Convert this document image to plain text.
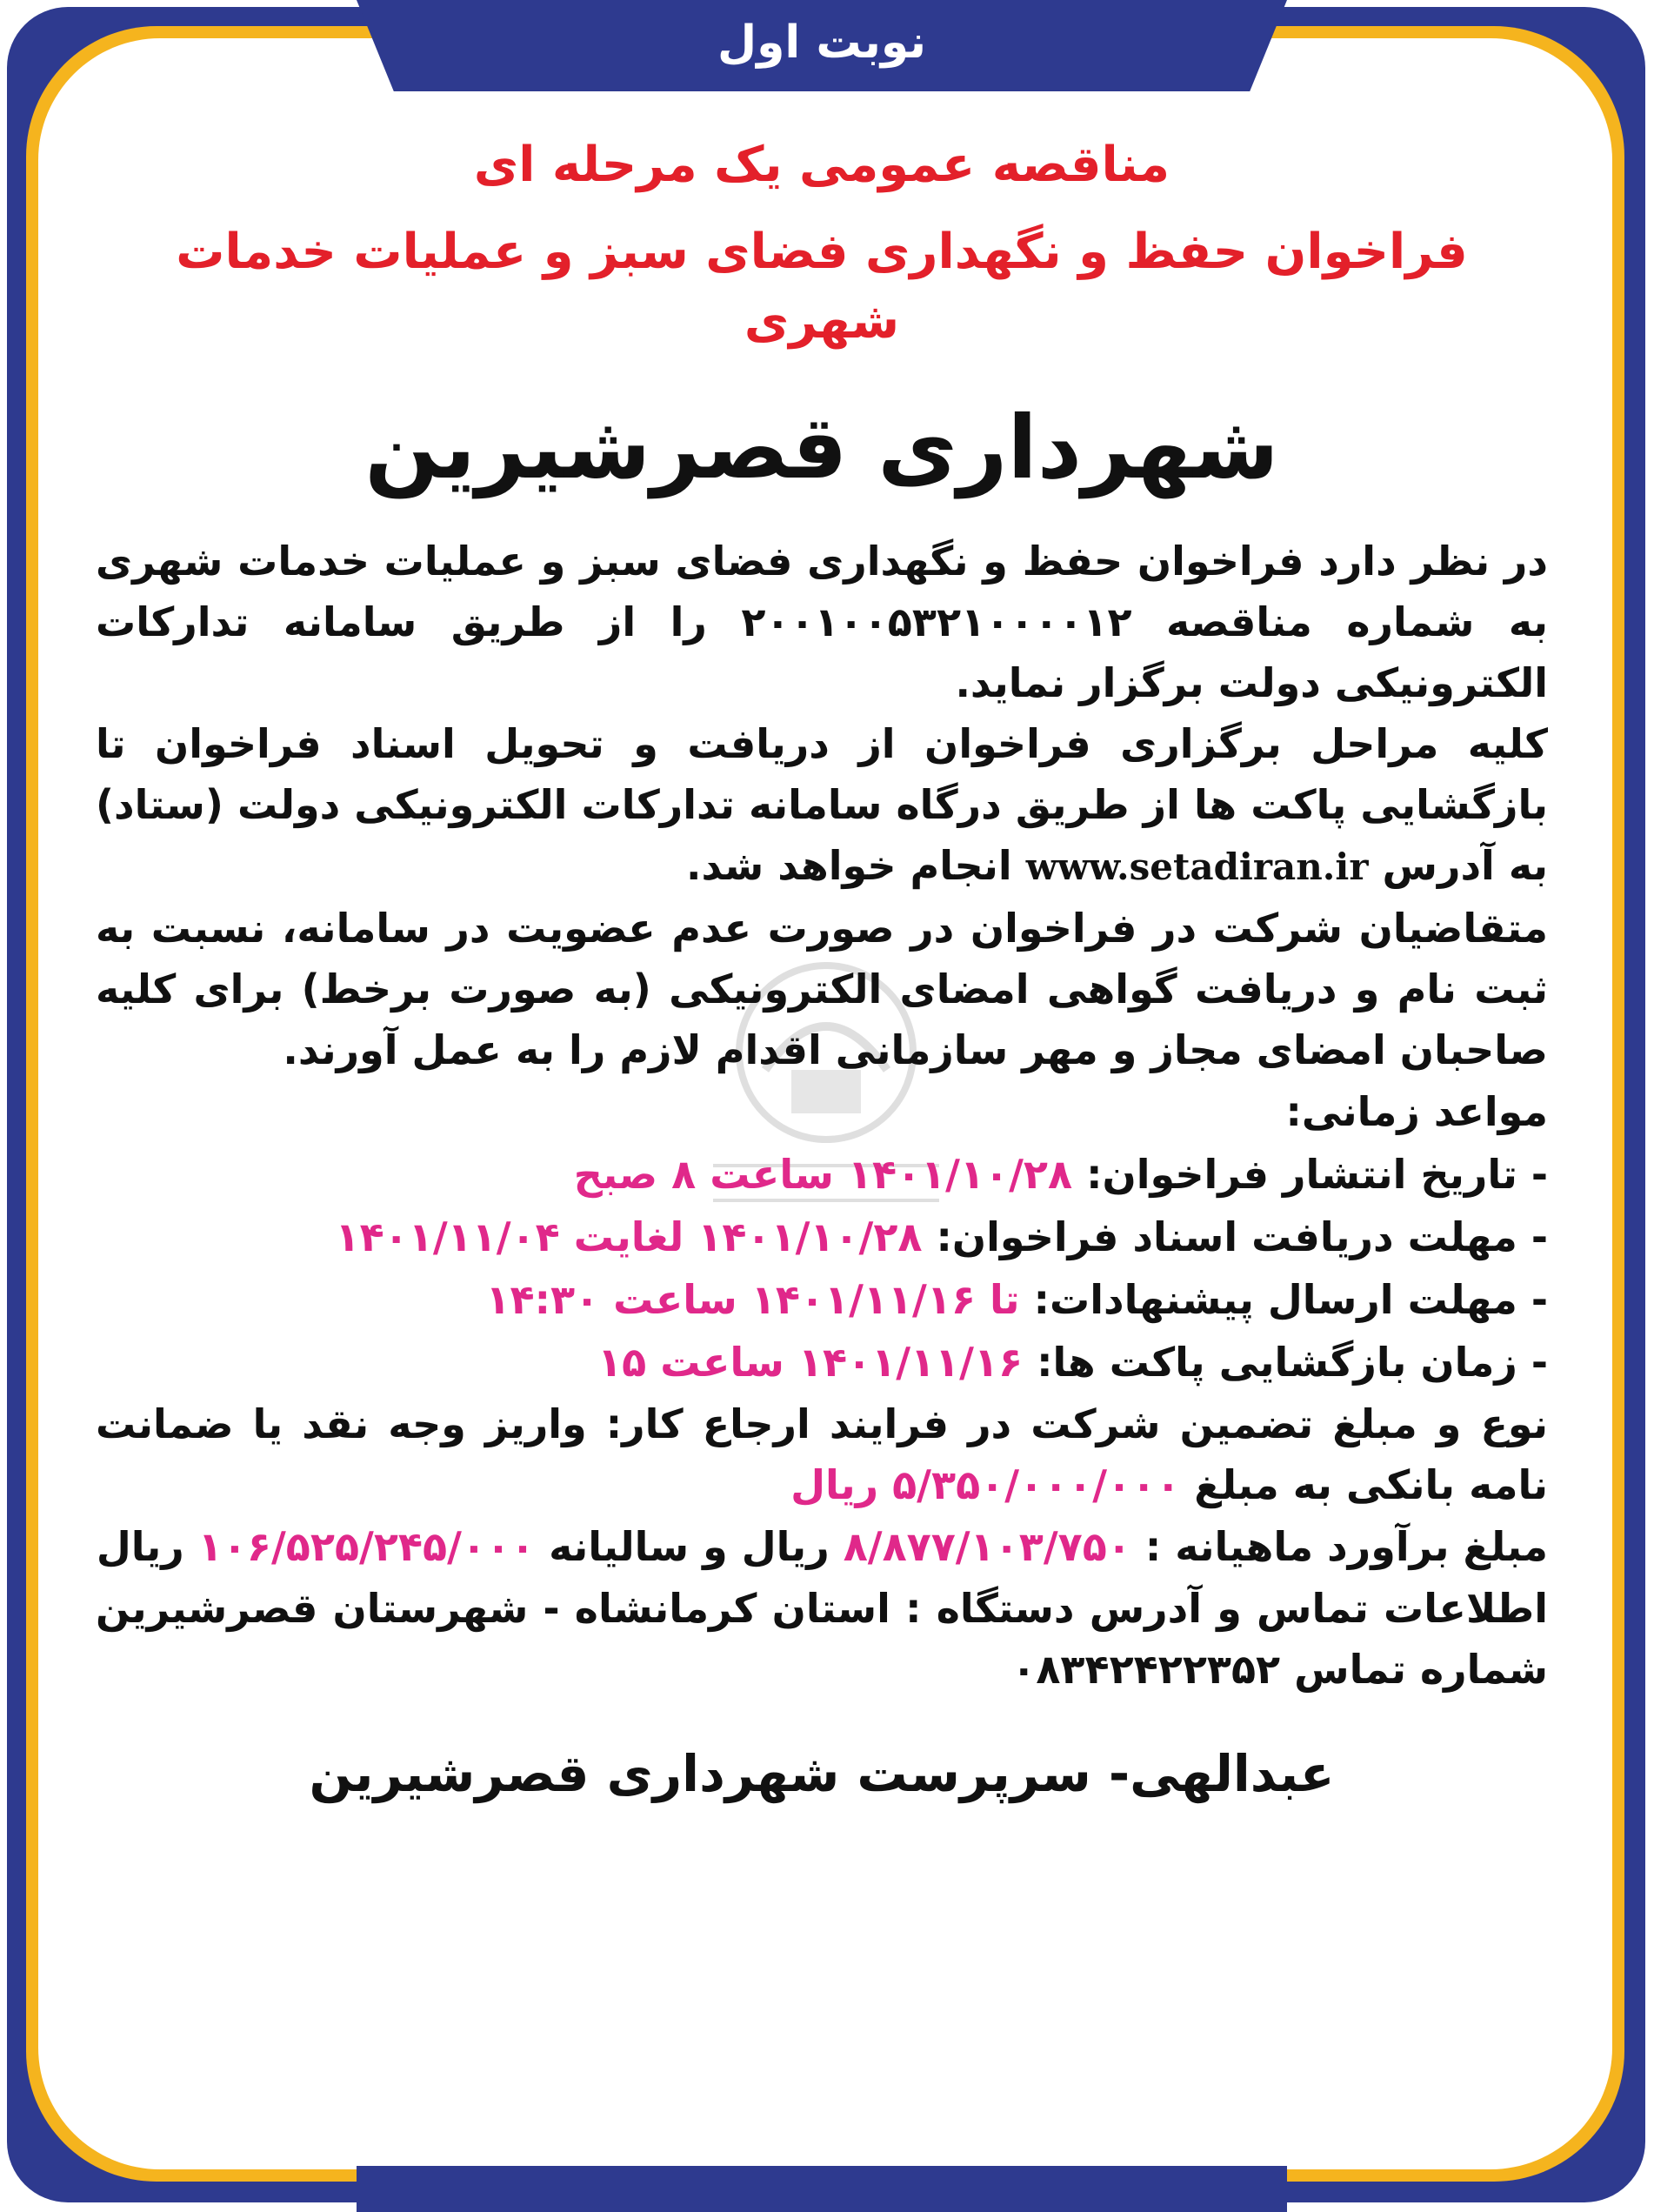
نوبت اول

مناقصه عمومی یک مرحله ای

فراخوان حفظ و نگهداری فضای سبز و عملیات خدمات شهری

شهرداری قصرشیرین

در نظر دارد فراخوان حفظ و نگهداری فضای سبز و عملیات خدمات شهری به شماره مناقصه ۲۰۰۱۰۰۵۳۲۱۰۰۰۰۱۲ را از طریق سامانه تدارکات الکترونیکی دولت برگزار نماید.

کلیه مراحل برگزاری فراخوان از دریافت و تحویل اسناد فراخوان تا بازگشایی پاکت ها از طریق درگاه سامانه تدارکات الکترونیکی دولت (ستاد) به آدرس www.setadiran.ir انجام خواهد شد.

متقاضیان شرکت در فراخوان در صورت عدم عضویت در سامانه، نسبت به ثبت نام و دریافت گواهی امضای الکترونیکی (به صورت برخط) برای کلیه صاحبان امضای مجاز و مهر سازمانی اقدام لازم را به عمل آورند.

مواعد زمانی:

- تاریخ انتشار فراخوان: ۱۴۰۱/۱۰/۲۸ ساعت ۸ صبح

- مهلت دریافت اسناد فراخوان: ۱۴۰۱/۱۰/۲۸ لغایت ۱۴۰۱/۱۱/۰۴

- مهلت ارسال پیشنهادات: تا ۱۴۰۱/۱۱/۱۶ ساعت ۱۴:۳۰

- زمان بازگشایی پاکت ها: ۱۴۰۱/۱۱/۱۶ ساعت ۱۵

نوع و مبلغ تضمین شرکت در فرایند ارجاع کار: واریز وجه نقد یا ضمانت نامه بانکی به مبلغ ۵/۳۵۰/۰۰۰/۰۰۰ ریال

مبلغ برآورد ماهیانه : ۸/۸۷۷/۱۰۳/۷۵۰ ریال و سالیانه ۱۰۶/۵۲۵/۲۴۵/۰۰۰ ریال

اطلاعات تماس و آدرس دستگاه : استان کرمانشاه - شهرستان قصرشیرین شماره تماس ۰۸۳۴۲۴۲۲۳۵۲

عبدالهی- سرپرست شهرداری قصرشیرین
